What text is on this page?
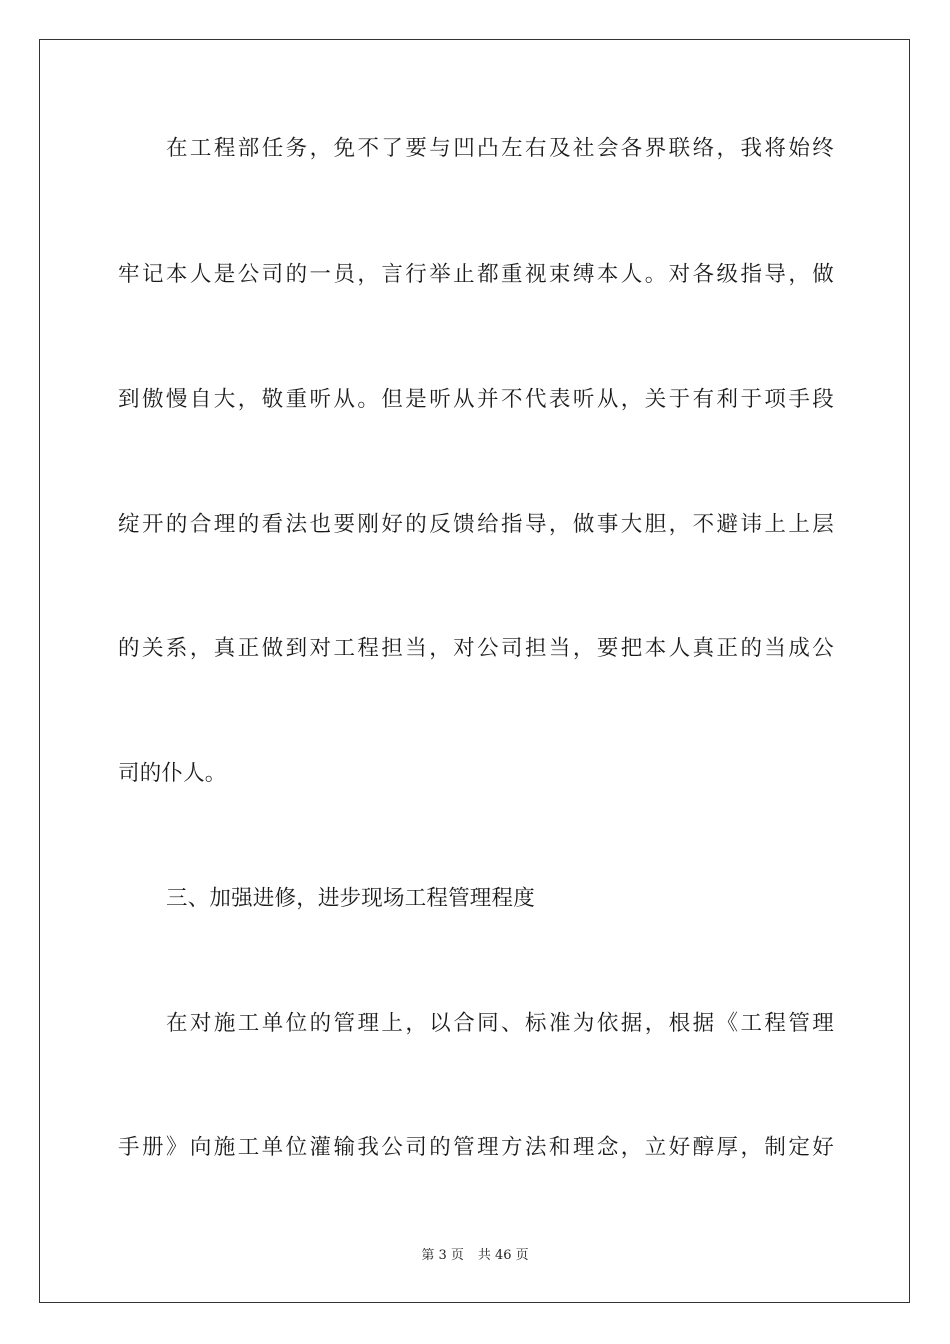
在工程部任务，免不了要与凹凸左右及社会各界联络，我将始终
牢记本人是公司的一员，言行举止都重视束缚本人。对各级指导，做
到傲慢自大，敬重听从。但是听从并不代表听从，关于有利于项手段
绽开的合理的看法也要刚好的反馈给指导，做事大胆，不避讳上上层
的关系，真正做到对工程担当，对公司担当，要把本人真正的当成公
司的仆人。
三、加强进修，进步现场工程管理程度
在对施工单位的管理上，以合同、标准为依据，根据《工程管理
手册》向施工单位灌输我公司的管理方法和理念，立好醇厚，制定好
第 3 页 共 46 页
